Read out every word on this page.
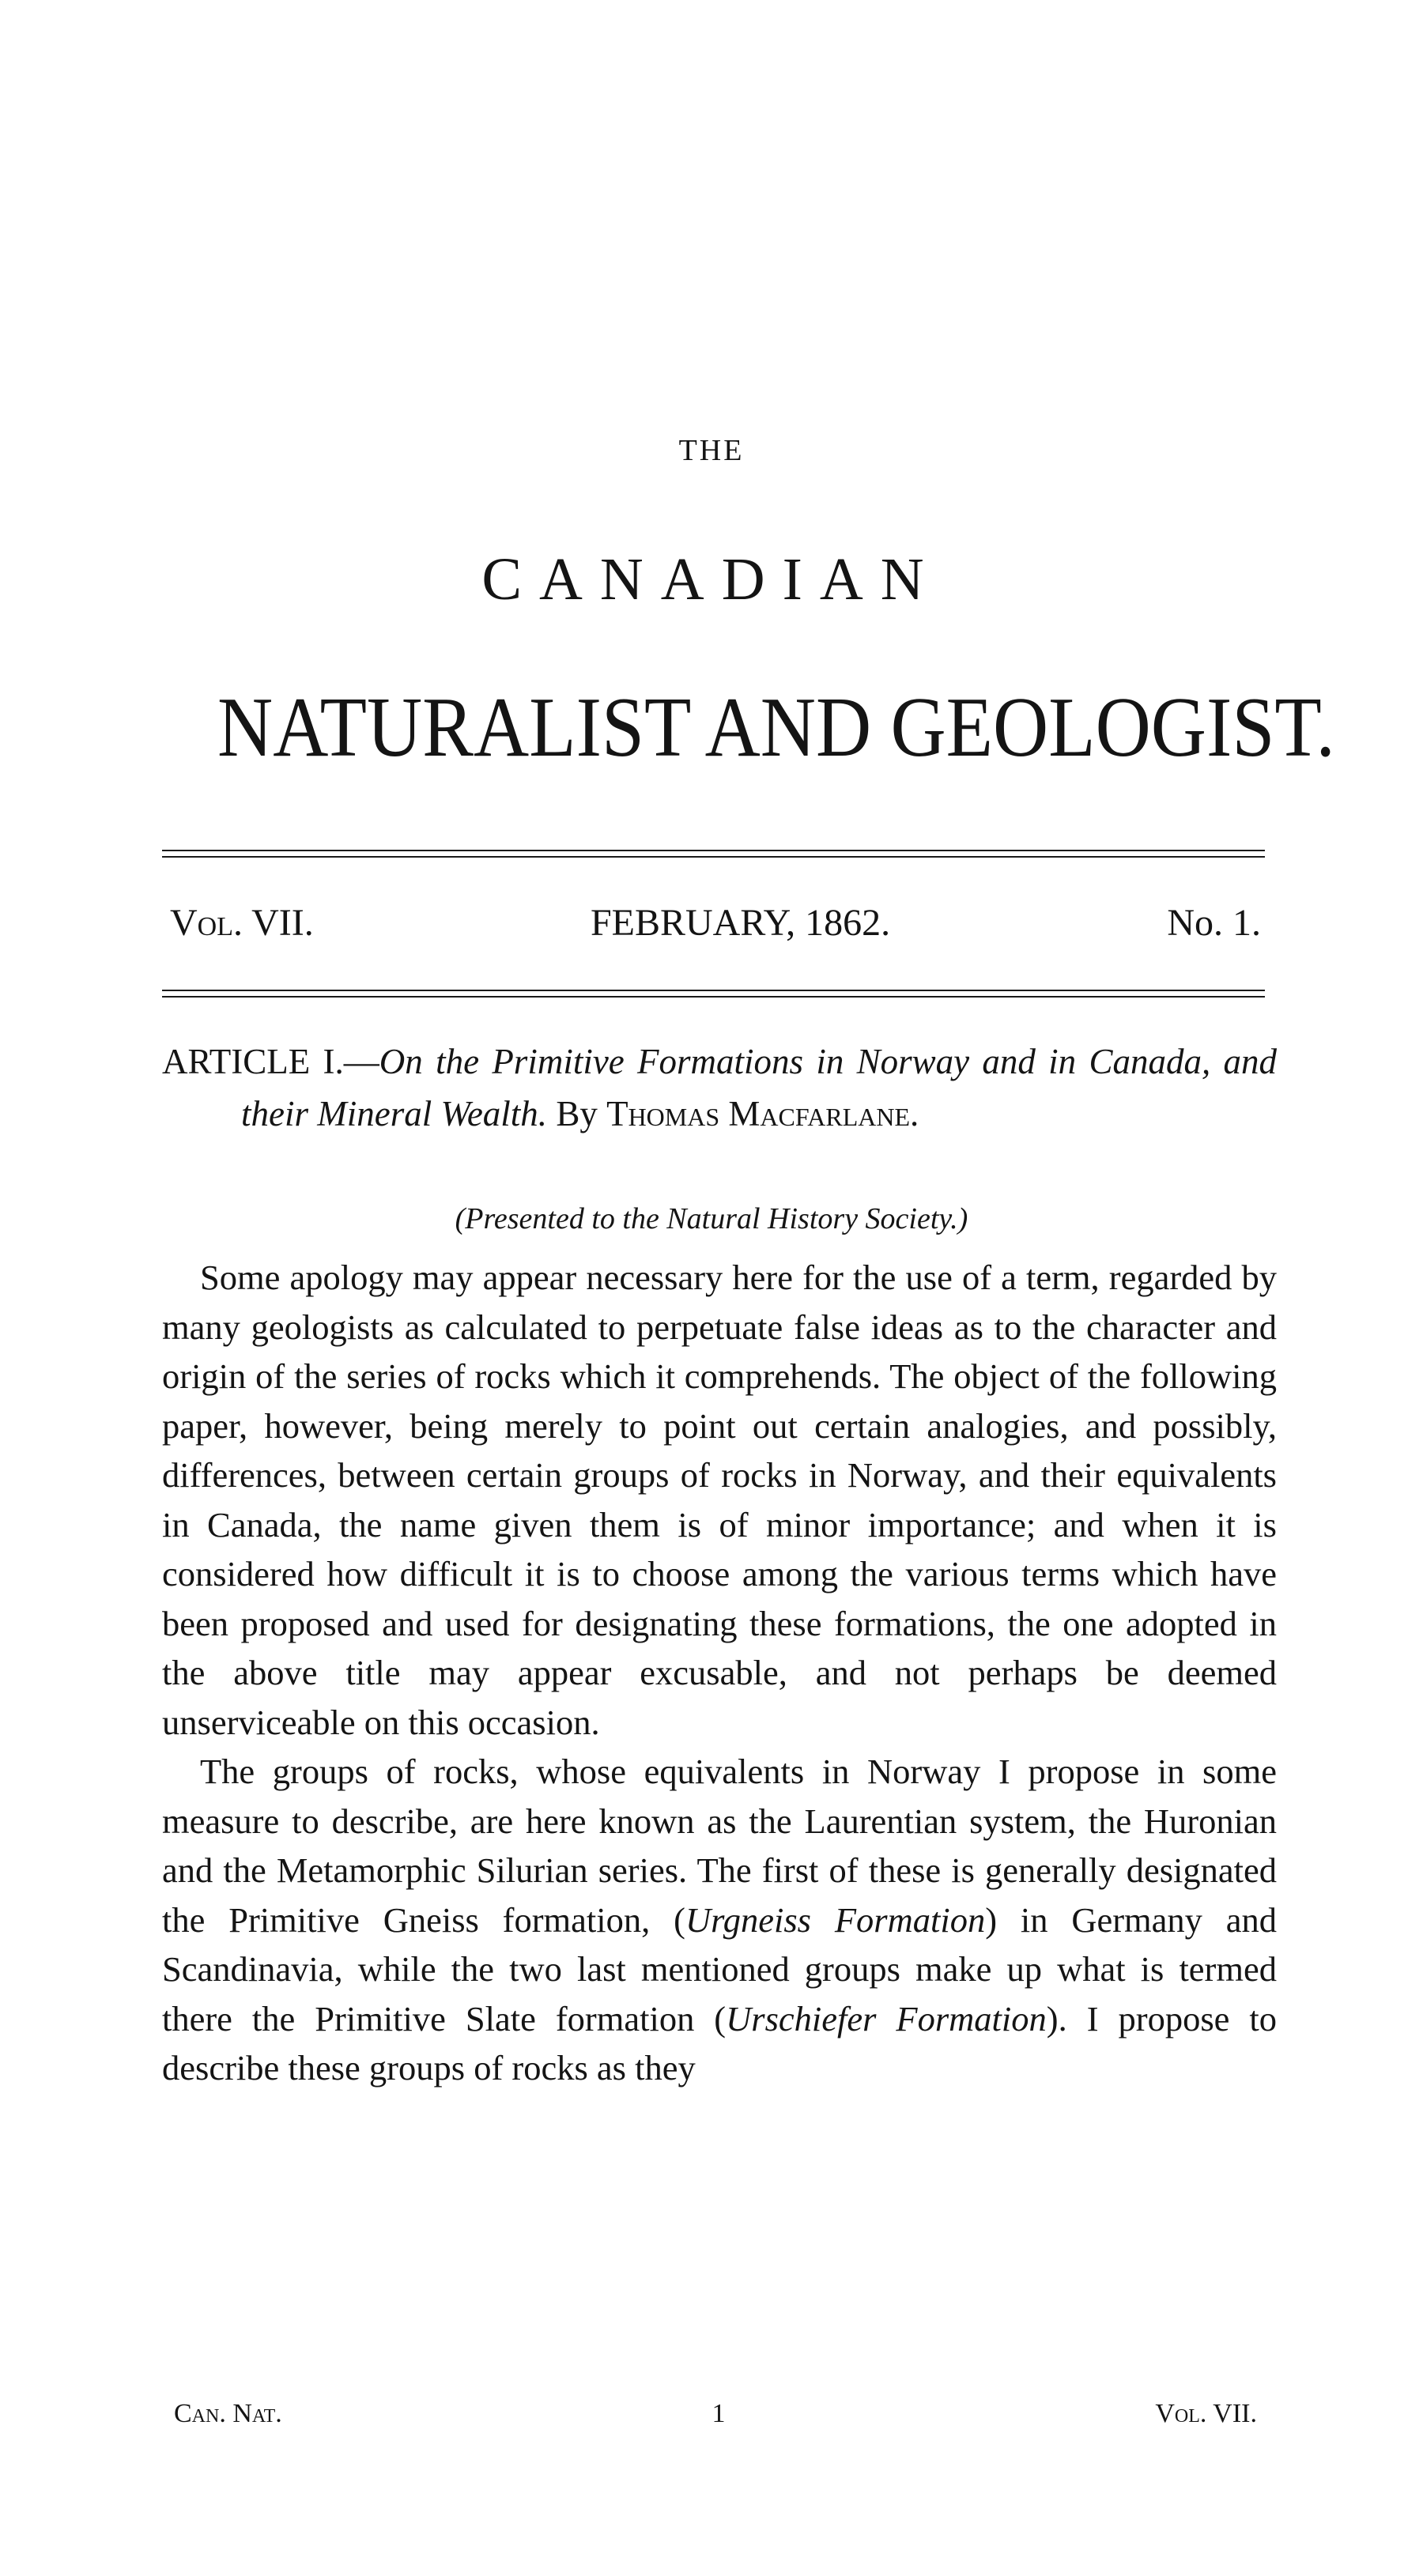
THE
CANADIAN
NATURALIST AND GEOLOGIST.
Vol. VII.	FEBRUARY, 1862.	No. 1.
ARTICLE I.—On the Primitive Formations in Norway and in Canada, and their Mineral Wealth. By Thomas Macfarlane.
(Presented to the Natural History Society.)

Some apology may appear necessary here for the use of a term, regarded by many geologists as calculated to perpetuate false ideas as to the character and origin of the series of rocks which it comprehends. The object of the following paper, however, being merely to point out certain analogies, and possibly, differences, between certain groups of rocks in Norway, and their equivalents in Canada, the name given them is of minor importance; and when it is considered how difficult it is to choose among the various terms which have been proposed and used for designating these formations, the one adopted in the above title may appear excusable, and not perhaps be deemed unserviceable on this occasion.

The groups of rocks, whose equivalents in Norway I propose in some measure to describe, are here known as the Laurentian system, the Huronian and the Metamorphic Silurian series. The first of these is generally designated the Primitive Gneiss formation, (Urgneiss Formation) in Germany and Scandinavia, while the two last mentioned groups make up what is termed there the Primitive Slate formation (Urschiefer Formation). I propose to describe these groups of rocks as they

Can. Nat.	1	Vol. VII.
